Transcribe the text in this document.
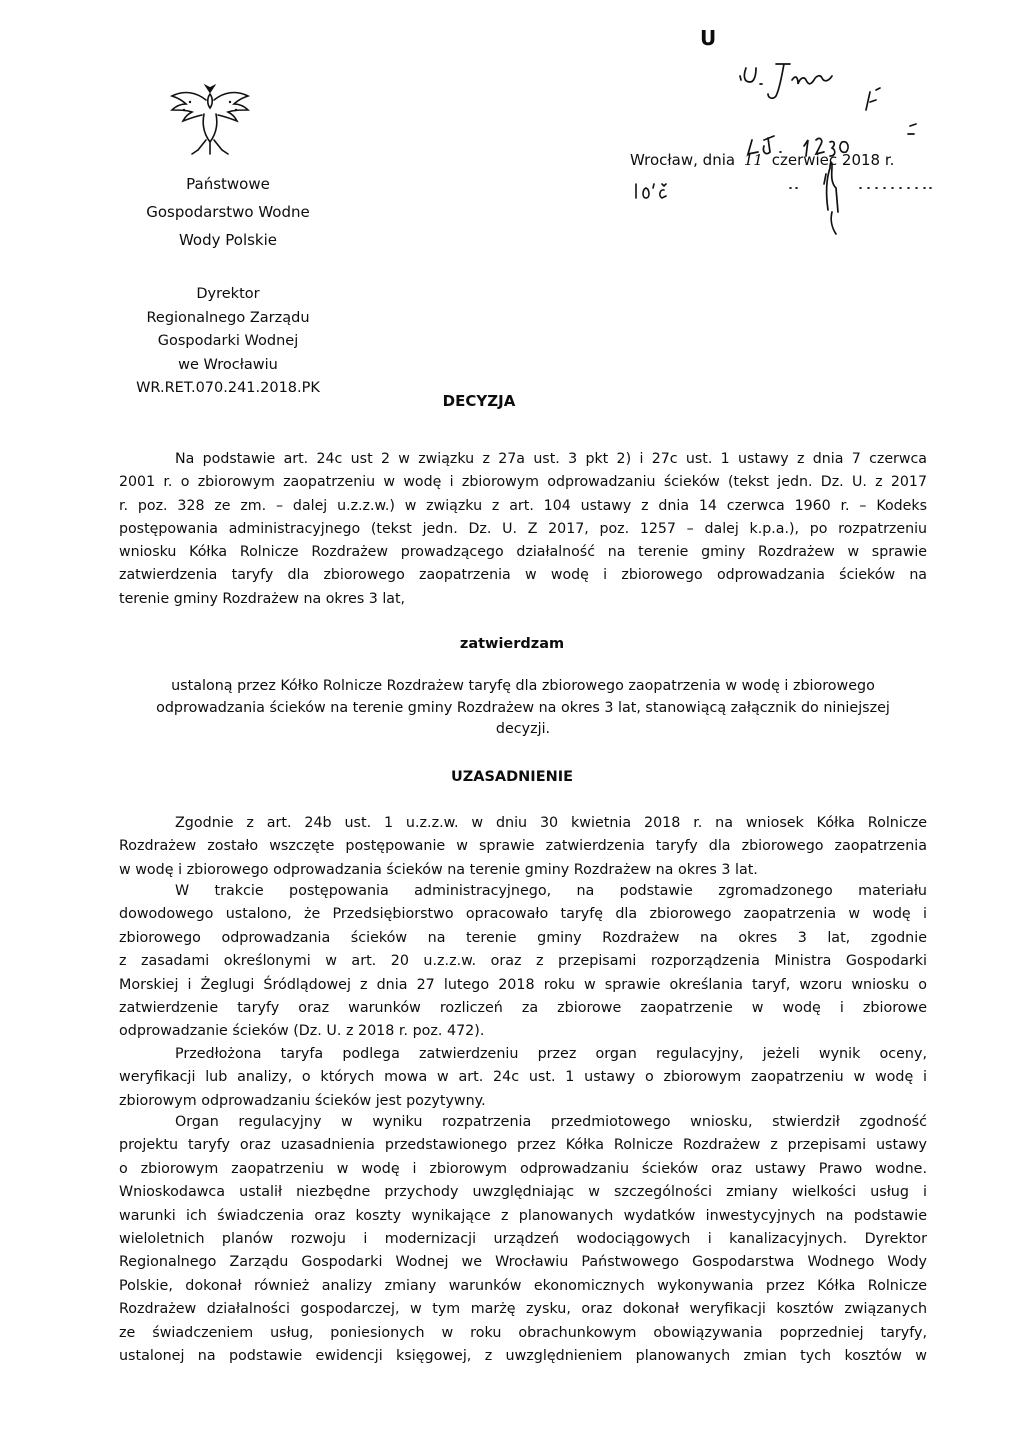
U
Państwowe
Gospodarstwo Wodne
Wody Polskie
Dyrektor
Regionalnego Zarządu
Gospodarki Wodnej
we Wrocławiu
WR.RET.070.241.2018.PK
Wrocław, dnia 11 czerwiec 2018 r.
DECYZJA
Na podstawie art. 24c ust 2 w związku z 27a ust. 3 pkt 2) i 27c ust. 1 ustawy z dnia 7 czerwca
2001 r. o zbiorowym zaopatrzeniu w wodę i zbiorowym odprowadzaniu ścieków (tekst jedn. Dz. U. z 2017
r. poz. 328 ze zm. – dalej u.z.z.w.) w związku z art. 104 ustawy z dnia 14 czerwca 1960 r. – Kodeks
postępowania administracyjnego (tekst jedn. Dz. U. Z 2017, poz. 1257 – dalej k.p.a.), po rozpatrzeniu
wniosku Kółka Rolnicze Rozdrażew prowadzącego działalność na terenie gminy Rozdrażew w sprawie
zatwierdzenia taryfy dla zbiorowego zaopatrzenia w wodę i zbiorowego odprowadzania ścieków na
terenie gminy Rozdrażew na okres 3 lat,
zatwierdzam
ustaloną przez Kółko Rolnicze Rozdrażew taryfę dla zbiorowego zaopatrzenia w wodę i zbiorowego
odprowadzania ścieków na terenie gminy Rozdrażew na okres 3 lat, stanowiącą załącznik do niniejszej
decyzji.
UZASADNIENIE
Zgodnie z art. 24b ust. 1 u.z.z.w. w dniu 30 kwietnia 2018 r. na wniosek Kółka Rolnicze
Rozdrażew zostało wszczęte postępowanie w sprawie zatwierdzenia taryfy dla zbiorowego zaopatrzenia
w wodę i zbiorowego odprowadzania ścieków na terenie gminy Rozdrażew na okres 3 lat.
W trakcie postępowania administracyjnego, na podstawie zgromadzonego materiału
dowodowego ustalono, że Przedsiębiorstwo opracowało taryfę dla zbiorowego zaopatrzenia w wodę i
zbiorowego odprowadzania ścieków na terenie gminy Rozdrażew na okres 3 lat, zgodnie
z zasadami określonymi w art. 20 u.z.z.w. oraz z przepisami rozporządzenia Ministra Gospodarki
Morskiej i Żeglugi Śródlądowej z dnia 27 lutego 2018 roku w sprawie określania taryf, wzoru wniosku o
zatwierdzenie taryfy oraz warunków rozliczeń za zbiorowe zaopatrzenie w wodę i zbiorowe
odprowadzanie ścieków (Dz. U. z 2018 r. poz. 472).
Przedłożona taryfa podlega zatwierdzeniu przez organ regulacyjny, jeżeli wynik oceny,
weryfikacji lub analizy, o których mowa w art. 24c ust. 1 ustawy o zbiorowym zaopatrzeniu w wodę i
zbiorowym odprowadzaniu ścieków jest pozytywny.
Organ regulacyjny w wyniku rozpatrzenia przedmiotowego wniosku, stwierdził zgodność
projektu taryfy oraz uzasadnienia przedstawionego przez Kółka Rolnicze Rozdrażew z przepisami ustawy
o zbiorowym zaopatrzeniu w wodę i zbiorowym odprowadzaniu ścieków oraz ustawy Prawo wodne.
Wnioskodawca ustalił niezbędne przychody uwzględniając w szczególności zmiany wielkości usług i
warunki ich świadczenia oraz koszty wynikające z planowanych wydatków inwestycyjnych na podstawie
wieloletnich planów rozwoju i modernizacji urządzeń wodociągowych i kanalizacyjnych. Dyrektor
Regionalnego Zarządu Gospodarki Wodnej we Wrocławiu Państwowego Gospodarstwa Wodnego Wody
Polskie, dokonał również analizy zmiany warunków ekonomicznych wykonywania przez Kółka Rolnicze
Rozdrażew działalności gospodarczej, w tym marżę zysku, oraz dokonał weryfikacji kosztów związanych
ze świadczeniem usług, poniesionych w roku obrachunkowym obowiązywania poprzedniej taryfy,
ustalonej na podstawie ewidencji księgowej, z uwzględnieniem planowanych zmian tych kosztów w
